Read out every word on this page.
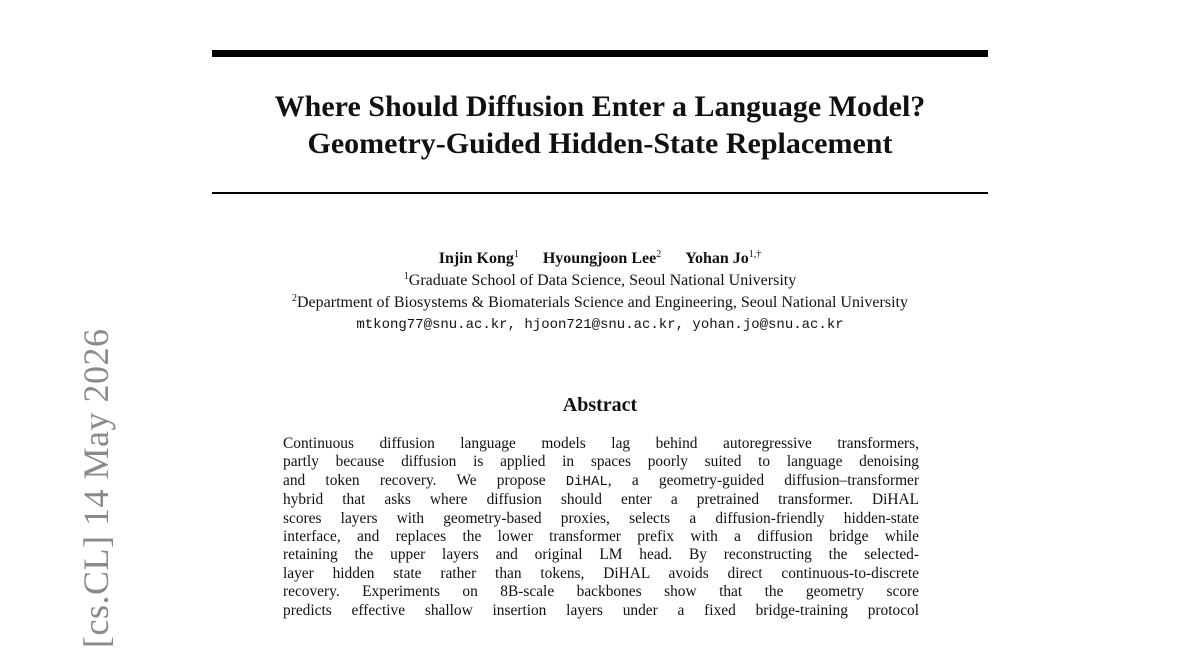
[cs.CL] 14 May 2026
Where Should Diffusion Enter a Language Model?
Geometry-Guided Hidden-State Replacement
Injin Kong$^1$ Hyoungjoon Lee$^2$ Yohan $Jo^{1,\dagger}$
$^1$Graduate School of Data Science, Seoul National University
$^2$Department of Biosystems & Biomaterials Science and Engineering, Seoul National University
mtkong77@snu.ac.kr, hjoon721@snu.ac.kr, yohan.jo@snu.ac.kr
Abstract
Continuous diffusion language models lag behind autoregressive transformers,
partly because diffusion is applied in spaces poorly suited to language denoising
and token recovery. We propose DiHAL, a geometry-guided diffusion–transformer
hybrid that asks where diffusion should enter a pretrained transformer. DiHAL
scores layers with geometry-based proxies, selects a diffusion-friendly hidden-state
interface, and replaces the lower transformer prefix with a diffusion bridge while
retaining the upper layers and original LM head. By reconstructing the selected-
layer hidden state rather than tokens, DiHAL avoids direct continuous-to-discrete
recovery. Experiments on 8B-scale backbones show that the geometry score
predicts effective shallow insertion layers under a fixed bridge-training protocol
